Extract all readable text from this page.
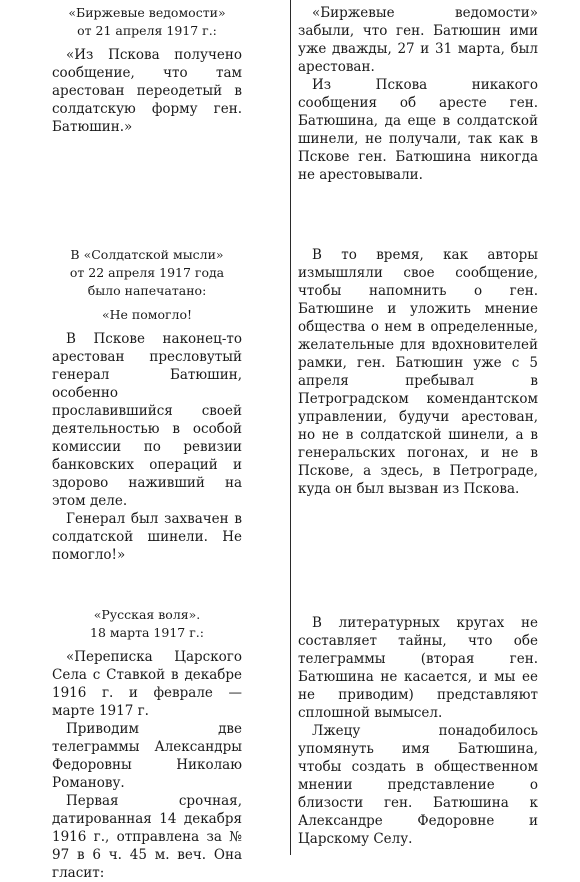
«Биржевые ведомости»

от 21 апреля 1917 г.:

«Из Пскова получено сообщение, что там арестован переодетый в солдатскую форму ген. Батюшин.»

«Биржевые ведомости» забыли, что ген. Батюшин ими уже дважды, 27 и 31 марта, был арестован.

Из Пскова никакого сообщения об аресте ген. Батюшина, да еще в солдатской шинели, не получали, так как в Пскове ген. Батюшина никогда не арестовывали.

В «Солдатской мысли»

от 22 апреля 1917 года

было напечатано:

«Не помогло!

В Пскове наконец-то арестован пресловутый генерал Батюшин, особенно прославившийся своей деятельностью в особой комиссии по ревизии банковских операций и здорово наживший на этом деле.

Генерал был захвачен в солдатской шинели. Не помогло!»

В то время, как авторы измышляли свое сообщение, чтобы напомнить о ген. Батюшине и уложить мнение общества о нем в определенные, желательные для вдохновителей рамки, ген. Батюшин уже с 5 апреля пребывал в Петроградском комендантском управлении, будучи арестован, но не в солдатской шинели, а в генеральских погонах, и не в Пскове, а здесь, в Петрограде, куда он был вызван из Пскова.

«Русская воля».

18 марта 1917 г.:

«Переписка Царского Села с Ставкой в декабре 1916 г. и феврале — марте 1917 г.

Приводим две телеграммы Александры Федоровны Николаю Романову.

Первая срочная, датированная 14 декабря 1916 г., отправлена за № 97 в 6 ч. 45 м. веч. Она гласит:

В литературных кругах не составляет тайны, что обе телеграммы (вторая ген. Батюшина не касается, и мы ее не приводим) представляют сплошной вымысел.

Лжецу понадобилось упомянуть имя Батюшина, чтобы создать в общественном мнении представление о близости ген. Батюшина к Александре Федоровне и Царскому Селу.
